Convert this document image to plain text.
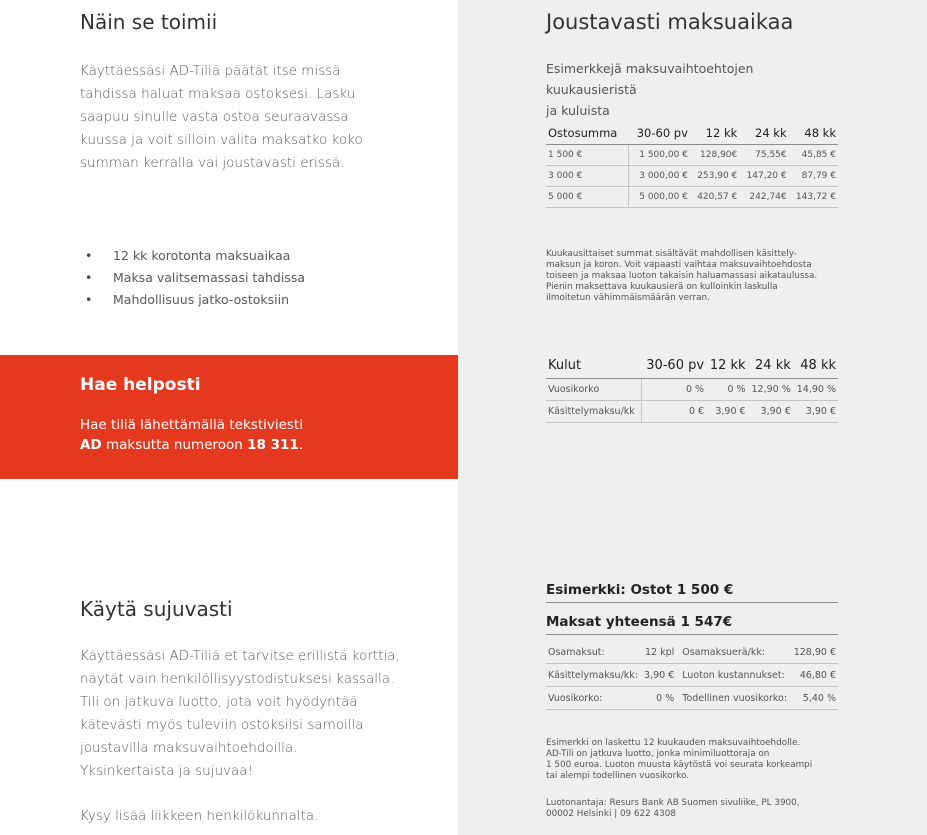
Näin se toimii

Käyttäessäsi AD-Tiliä päätät itse missä
tahdissa haluat maksaa ostoksesi. Lasku
saapuu sinulle vasta ostoa seuraavassa
kuussa ja voit silloin valita maksatko koko
summan kerralla vai joustavasti erissä.

• 12 kk korotonta maksuaikaa
• Maksa valitsemassasi tahdissa
• Mahdollisuus jatko-ostoksiin
Hae helposti

Hae tiliä lähettämällä tekstiviesti
AD maksutta numeroon 18 311.

Käytä sujuvasti

Käyttäessäsi AD-Tiliä et tarvitse erillistä korttia,
näytät vain henkilöllisyystodistuksesi kassalla.
Tili on jatkuva luotto, jota voit hyödyntää
kätevästi myös tuleviin ostoksiisi samoilla
joustavilla maksuvaihtoehdoilla.
Yksinkertaista ja sujuvaa!

Kysy lisää liikkeen henkilökunnalta.

Joustavasti maksuaikaa

Esimerkkejä maksuvaihtoehtojen kuukausieristä
ja kuluista

Ostosumma	30-60 pv	12 kk	24 kk	48 kk
1 500 €	1 500,00 €	128,90€	75,55€	45,85 €
3 000 €	3 000,00 €	253,90 €	147,20 €	87,79 €
5 000 €	5 000,00 €	420,57 €	242,74€	143,72 €

Kuukausittaiset summat sisältävät mahdollisen käsittely-
maksun ja koron. Voit vapaasti vaihtaa maksuvaihtoehdosta
toiseen ja maksaa luoton takaisin haluamassasi aikataulussa.
Pienin maksettava kuukausierä on kulloinkin laskulla
ilmoitetun vähimmäismäärän verran.

Kulut	30-60 pv	12 kk	24 kk	48 kk
Vuosikorko	0 %	0 %	12,90 %	14,90 %
Käsittelymaksu/kk	0 €	3,90 €	3,90 €	3,90 €
Esimerkki: Ostot 1 500 €
Maksat yhteensä 1 547€
Osamaksut:	12 kpl	Osamaksuerä/kk:	128,90 €
Käsittelymaksu/kk:	3,90 €	Luoton kustannukset:	46,80 €
Vuosikorko:	0 %	Todellinen vuosikorko:	5,40 %

Esimerkki on laskettu 12 kuukauden maksuvaihtoehdolle.
AD-Tili on jatkuva luotto, jonka minimiluottoraja on
1 500 euroa. Luoton muusta käytöstä voi seurata korkeampi
tai alempi todellinen vuosikorko.

Luotonantaja: Resurs Bank AB Suomen sivuliike, PL 3900,
00002 Helsinki | 09 622 4308
